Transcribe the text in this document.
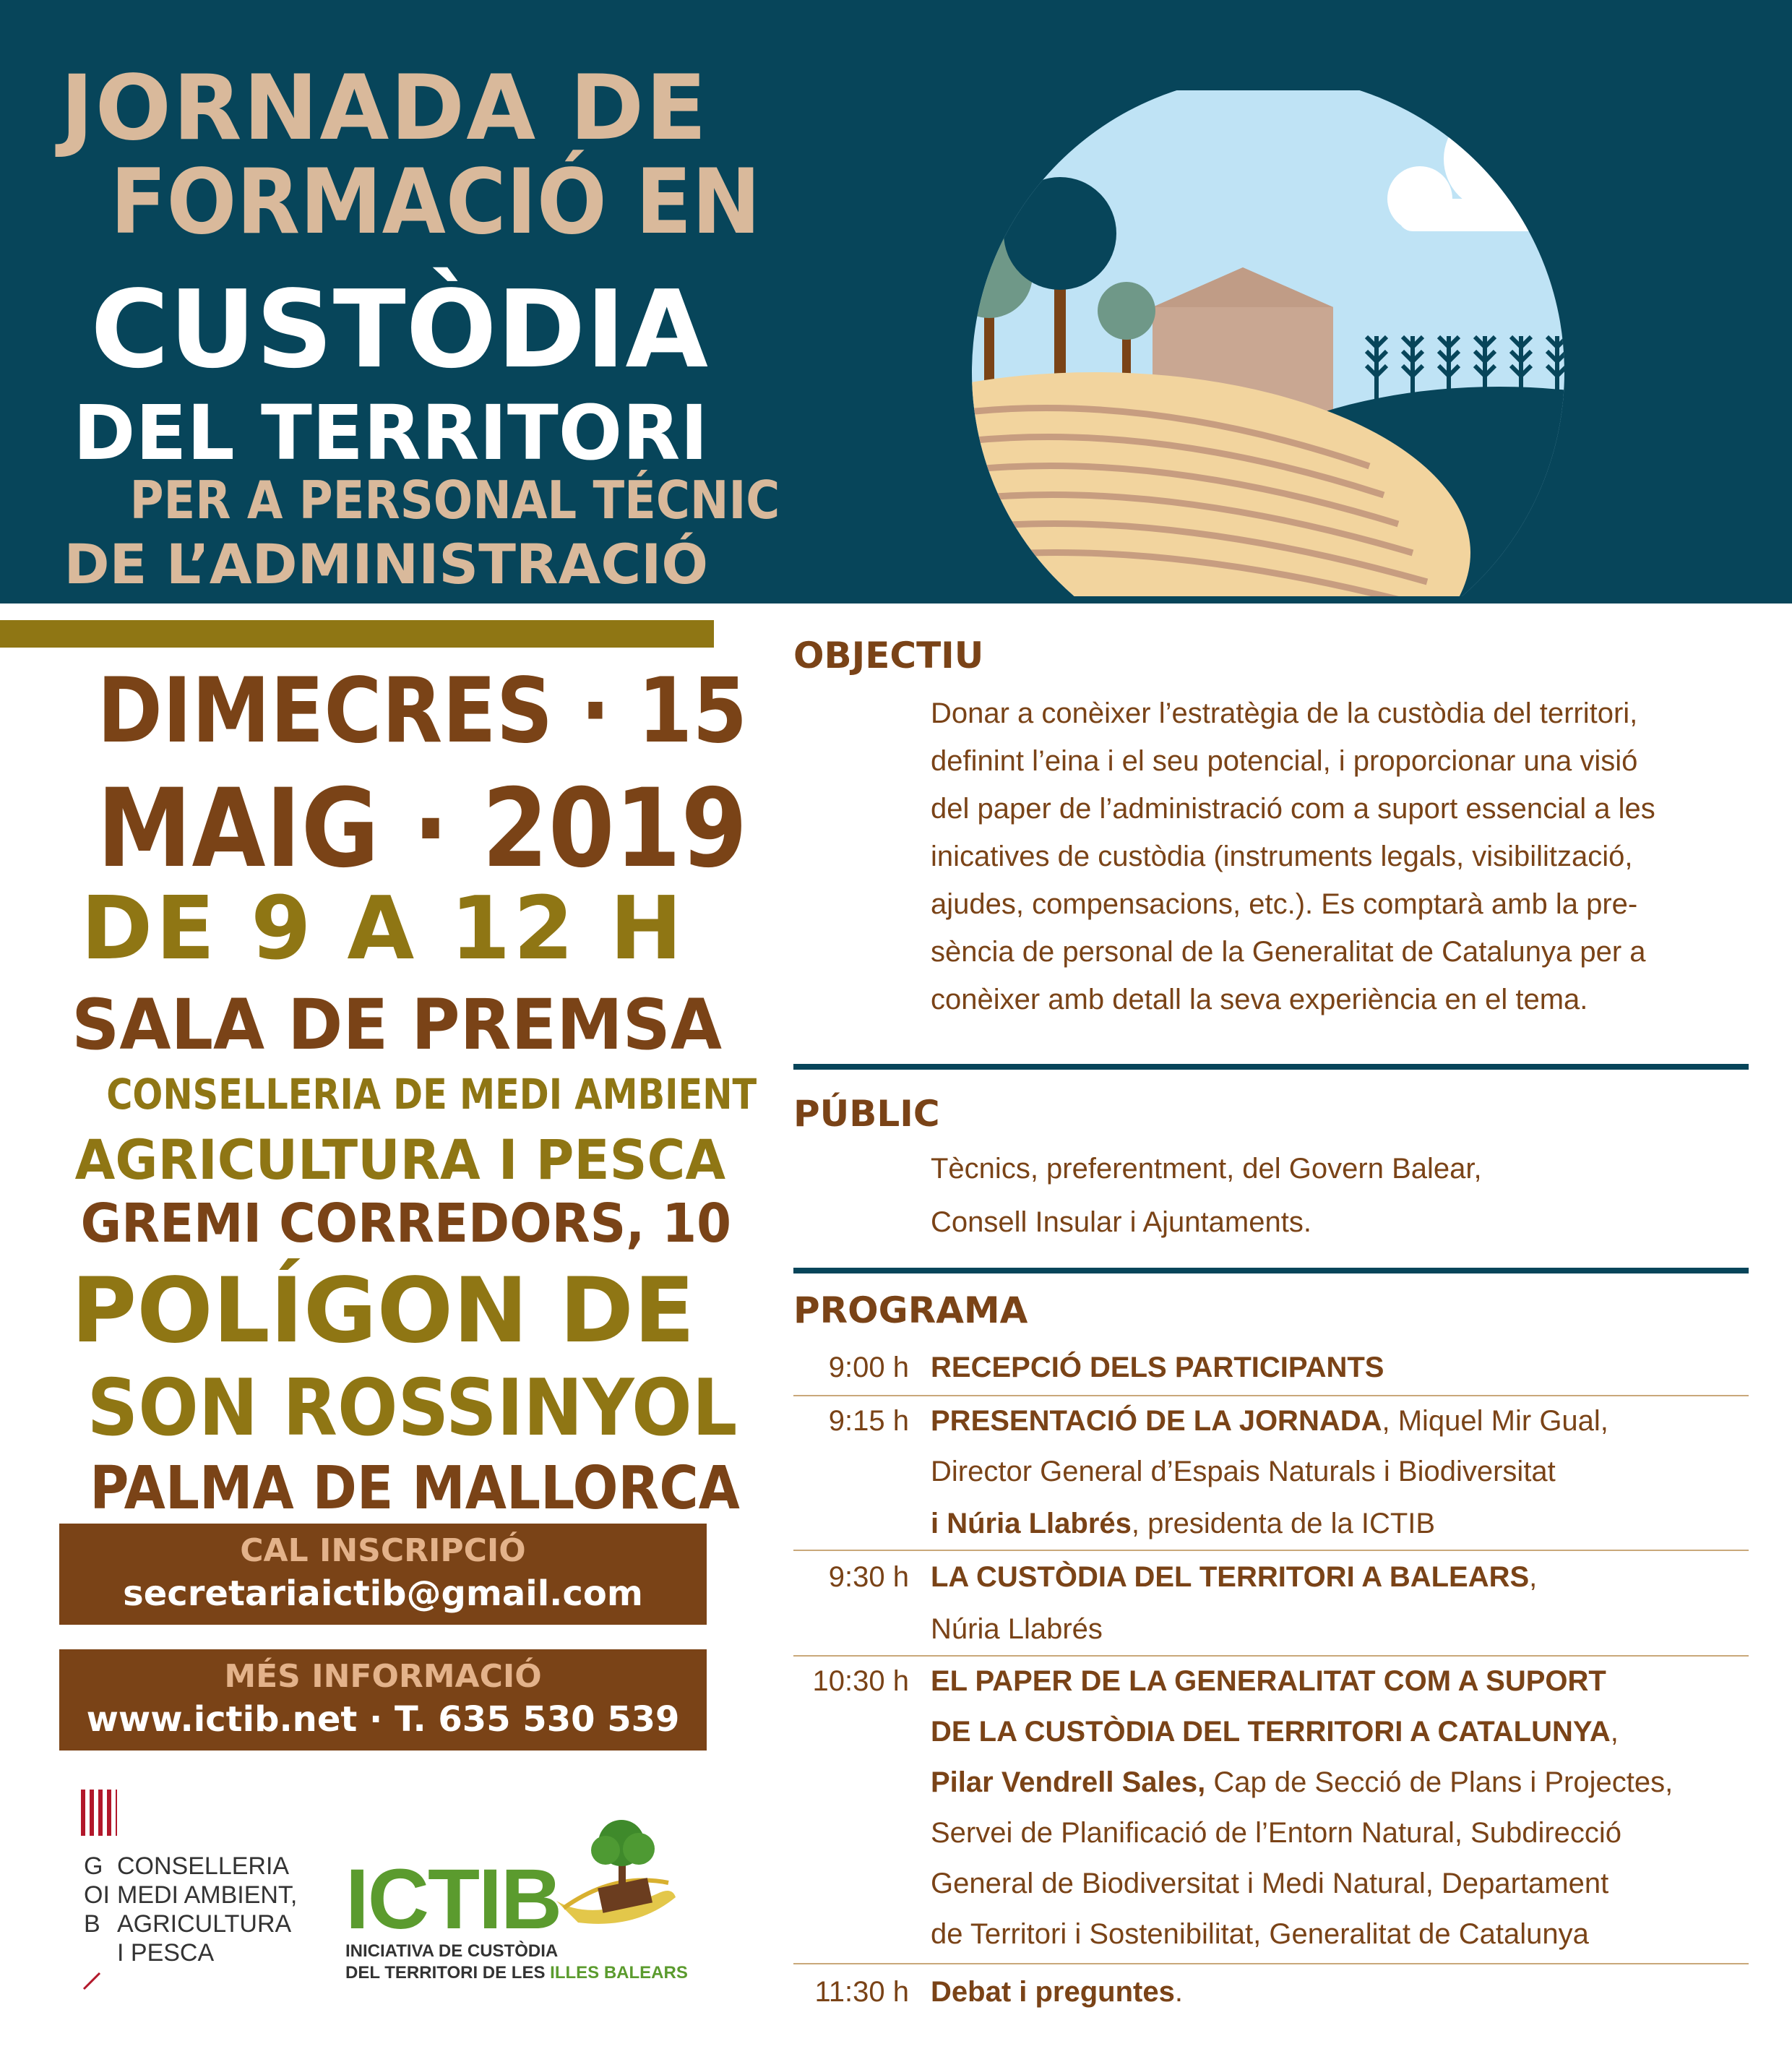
JORNADA DE
FORMACIÓ EN
CUSTÒDIA
DEL TERRITORI
PER A PERSONAL TÉCNIC
DE L’ADMINISTRACIÓ
DIMECRES · 15
MAIG · 2019
DE 9 A 12 H
SALA DE PREMSA
CONSELLERIA DE MEDI AMBIENT
AGRICULTURA I PESCA
GREMI CORREDORS, 10
POLÍGON DE
SON ROSSINYOL
PALMA DE MALLORCA
CAL INSCRIPCIÓ
secretariaictib@gmail.com
MÉS INFORMACIÓ
www.ictib.net · T. 635 530 539
GOIB
CONSELLERIA
MEDI AMBIENT,
AGRICULTURA
I PESCA
ICTIB
INICIATIVA DE CUSTÒDIA
DEL TERRITORI DE LES ILLES BALEARS
OBJECTIU
Donar a conèixer l’estratègia de la custòdia del territori,
definint l’eina i el seu potencial, i proporcionar una visió
del paper de l’administració com a suport essencial a les
inicatives de custòdia (instruments legals, visibilització,
ajudes, compensacions, etc.). Es comptarà amb la pre-
sència de personal de la Generalitat de Catalunya per a
conèixer amb detall la seva experiència en el tema.
PÚBLIC
Tècnics, preferentment, del Govern Balear,
Consell Insular i Ajuntaments.
PROGRAMA
9:00 h RECEPCIÓ DELS PARTICIPANTS
9:15 h PRESENTACIÓ DE LA JORNADA, Miquel Mir Gual,
Director General d’Espais Naturals i Biodiversitat
i Núria Llabrés, presidenta de la ICTIB
9:30 h LA CUSTÒDIA DEL TERRITORI A BALEARS,
Núria Llabrés
10:30 h EL PAPER DE LA GENERALITAT COM A SUPORT
DE LA CUSTÒDIA DEL TERRITORI A CATALUNYA,
Pilar Vendrell Sales, Cap de Secció de Plans i Projectes,
Servei de Planificació de l’Entorn Natural, Subdirecció
General de Biodiversitat i Medi Natural, Departament
de Territori i Sostenibilitat, Generalitat de Catalunya
11:30 h Debat i preguntes.
